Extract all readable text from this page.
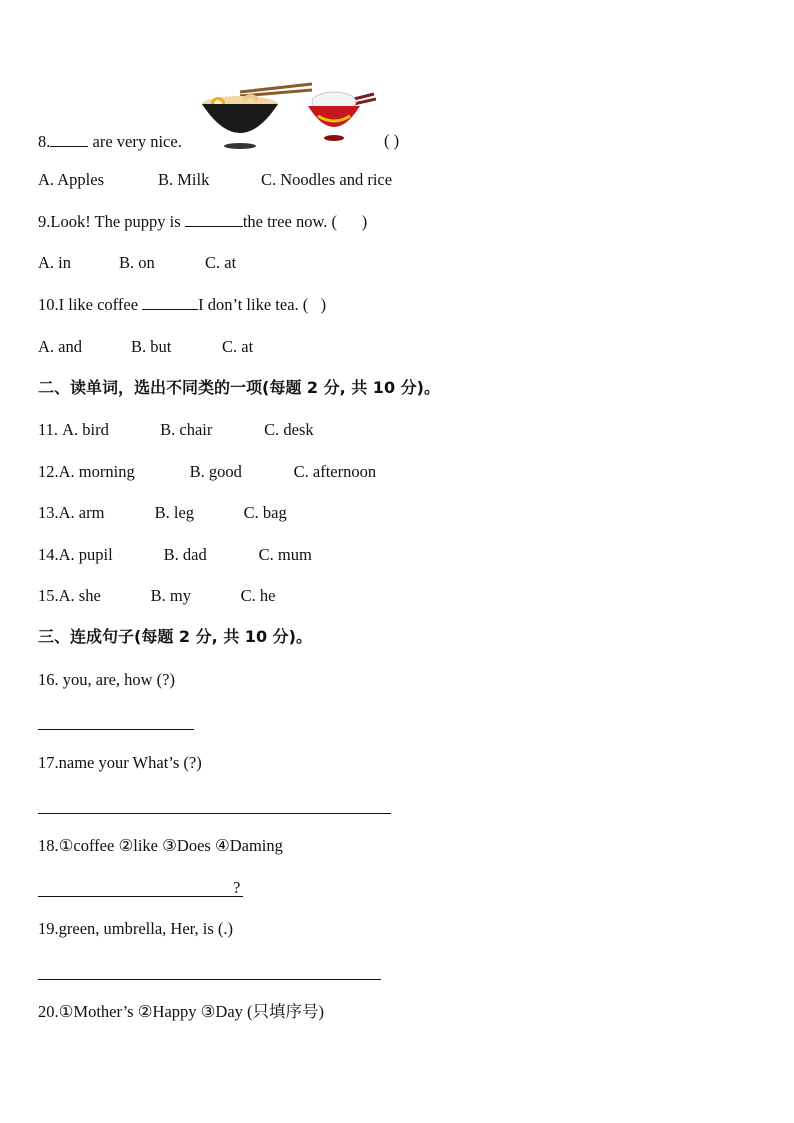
8.	are very nice.	( )
A. Apples	B. Milk	C. Noodles and rice
9.Look! The puppy is	the tree now. ( )
A. in	B. on	C. at
10.I like coffee	I don’t like tea. ( )
A. and	B. but	C. at
二、读单词，选出不同类的一项(每题 2 分, 共 10 分)。
11. A. bird	B. chair	C. desk
12.A. morning	B. good	C. afternoon
13.A. arm	B. leg	C. bag
14.A. pupil	B. dad	C. mum
15.A. she	B. my	C. he
三、连成句子(每题 2 分, 共 10 分)。
16. you, are, how (?)
17.name your What’s (?)
18.①coffee ②like ③Does ④Daming
?
19.green, umbrella, Her, is (.)
20.①Mother’s ②Happy ③Day (只填序号)
